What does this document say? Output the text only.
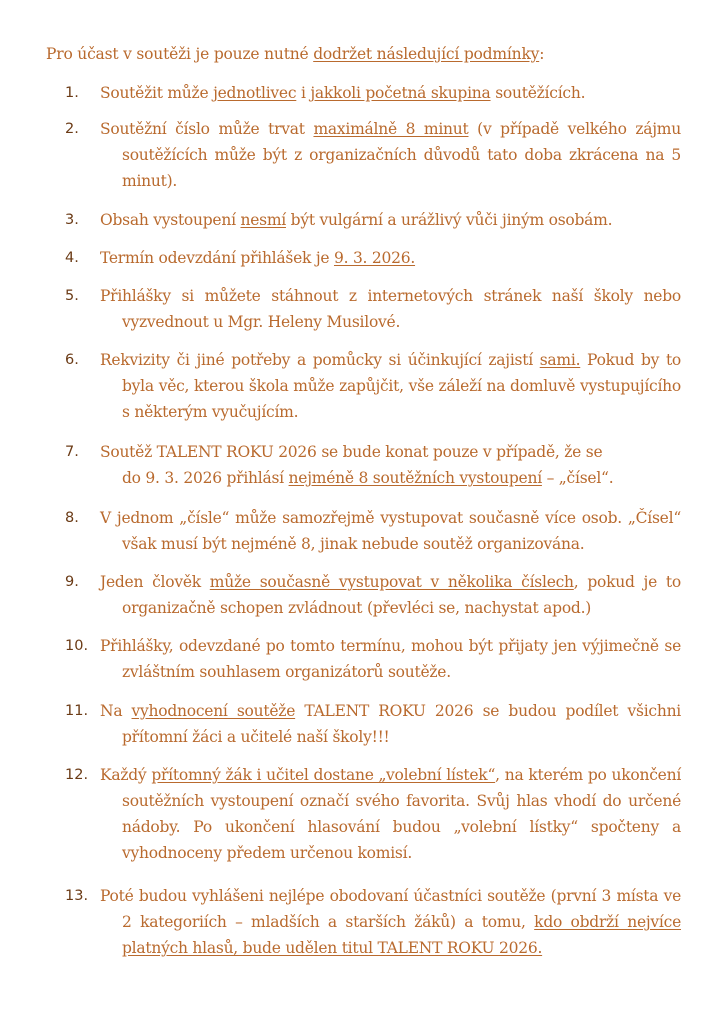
Pro účast v soutěži je pouze nutné dodržet následující podmínky:

1.	Soutěžit může jednotlivec i jakkoli početná skupina soutěžících.
2.	Soutěžní číslo může trvat maximálně 8 minut (v případě velkého zájmu soutěžících může být z organizačních důvodů tato doba zkrácena na 5 minut).
3.	Obsah vystoupení nesmí být vulgární a urážlivý vůči jiným osobám.
4.	Termín odevzdání přihlášek je 9. 3. 2026.
5.	Přihlášky si můžete stáhnout z internetových stránek naší školy nebo vyzvednout u Mgr. Heleny Musilové.
6.	Rekvizity či jiné potřeby a pomůcky si účinkující zajistí sami. Pokud by to byla věc, kterou škola může zapůjčit, vše záleží na domluvě vystupujícího s některým vyučujícím.
7.	Soutěž TALENT ROKU 2026 se bude konat pouze v případě, že se
do 9. 3. 2026 přihlásí nejméně 8 soutěžních vystoupení – „čísel“.
8.	V jednom „čísle“ může samozřejmě vystupovat současně více osob. „Čísel“ však musí být nejméně 8, jinak nebude soutěž organizována.
9.	Jeden člověk může současně vystupovat v několika číslech, pokud je to organizačně schopen zvládnout (převléci se, nachystat apod.)
10. Přihlášky, odevzdané po tomto termínu, mohou být přijaty jen výjimečně se zvláštním souhlasem organizátorů soutěže.
11. Na vyhodnocení soutěže TALENT ROKU 2026 se budou podílet všichni přítomní žáci a učitelé naší školy!!!
12. Každý přítomný žák i učitel dostane „volební lístek“, na kterém po ukončení soutěžních vystoupení označí svého favorita. Svůj hlas vhodí do určené nádoby. Po ukončení hlasování budou „volební lístky“ spočteny a vyhodnoceny předem určenou komisí.
13. Poté budou vyhlášeni nejlépe obodovaní účastníci soutěže (první 3 místa ve 2 kategoriích – mladších a starších žáků) a tomu, kdo obdrží nejvíce platných hlasů, bude udělen titul TALENT ROKU 2026.
